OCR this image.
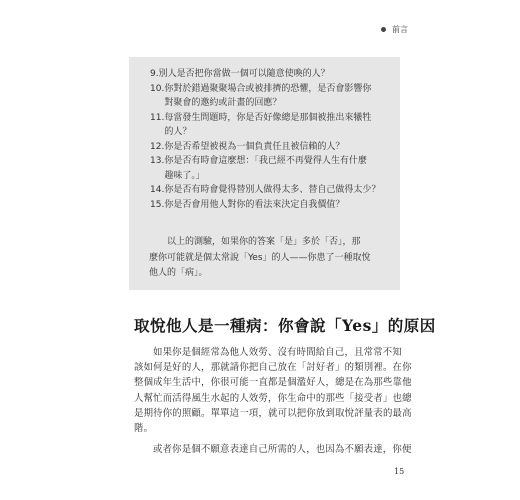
前言
9. 別人是否把你當做一個可以隨意使喚的人？
10. 你對於錯過聚聚場合或被排擠的恐懼，是否會影響你
對聚會的邀約或計畫的回應？
11. 每當發生問題時，你是否好像總是那個被推出來犧牲
的人？
12. 你是否希望被視為一個負責任且被信賴的人？
13. 你是否有時會這麼想：「我已經不再覺得人生有什麼
趣味了。」
14. 你是否有時會覺得替別人做得太多、替自己做得太少？
15. 你是否會用他人對你的看法來決定自我價值？
以上的測驗，如果你的答案「是」多於「否」，那
麼你可能就是個太常說「Yes」的人——你患了一種取悅
他人的「病」。
取悅他人是一種病：你會說「Yes」的原因

如果你是個經常為他人效勞、沒有時間給自己，且常常不知
該如何是好的人，那就請你把自己放在「討好者」的類別裡。在你
整個成年生活中，你很可能一直都是個濫好人，總是在為那些靠他
人幫忙而活得風生水起的人效勞，你生命中的那些「接受者」也總
是期待你的照顧。單單這一項，就可以把你放到取悅評量表的最高
階。

或者你是個不願意表達自己所需的人，也因為不願表達，你便

15
